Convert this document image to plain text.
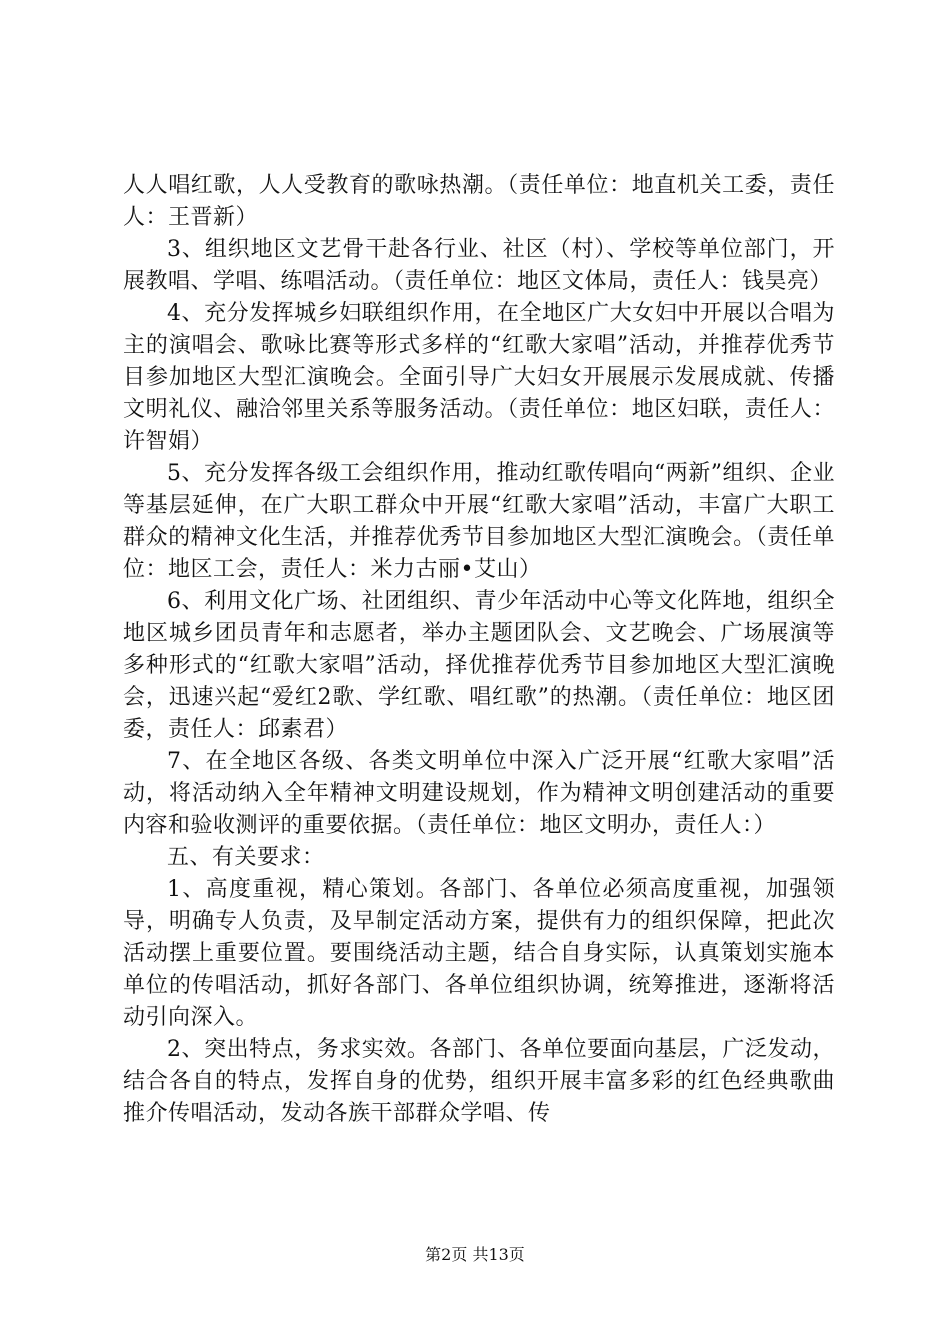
人人唱红歌，人人受教育的歌咏热潮。（责任单位：地直机关工委，责任人：王晋新）

3、组织地区文艺骨干赴各行业、社区（村）、学校等单位部门，开展教唱、学唱、练唱活动。（责任单位：地区文体局，责任人：钱昊亮）

4、充分发挥城乡妇联组织作用，在全地区广大女妇中开展以合唱为主的演唱会、歌咏比赛等形式多样的“红歌大家唱”活动，并推荐优秀节目参加地区大型汇演晚会。全面引导广大妇女开展展示发展成就、传播文明礼仪、融洽邻里关系等服务活动。（责任单位：地区妇联，责任人：许智娟）

5、充分发挥各级工会组织作用，推动红歌传唱向“两新”组织、企业等基层延伸，在广大职工群众中开展“红歌大家唱”活动，丰富广大职工群众的精神文化生活，并推荐优秀节目参加地区大型汇演晚会。（责任单位：地区工会，责任人：米力古丽•艾山）

6、利用文化广场、社团组织、青少年活动中心等文化阵地，组织全地区城乡团员青年和志愿者，举办主题团队会、文艺晚会、广场展演等多种形式的“红歌大家唱”活动，择优推荐优秀节目参加地区大型汇演晚会，迅速兴起“爱红2歌、学红歌、唱红歌”的热潮。（责任单位：地区团委，责任人：邱素君）

7、在全地区各级、各类文明单位中深入广泛开展“红歌大家唱”活动，将活动纳入全年精神文明建设规划，作为精神文明创建活动的重要内容和验收测评的重要依据。（责任单位：地区文明办，责任人：）

五、有关要求：

1、高度重视，精心策划。各部门、各单位必须高度重视，加强领导，明确专人负责，及早制定活动方案，提供有力的组织保障，把此次活动摆上重要位置。要围绕活动主题，结合自身实际，认真策划实施本单位的传唱活动，抓好各部门、各单位组织协调，统筹推进，逐渐将活动引向深入。

2、突出特点，务求实效。各部门、各单位要面向基层，广泛发动，结合各自的特点，发挥自身的优势，组织开展丰富多彩的红色经典歌曲推介传唱活动，发动各族干部群众学唱、传

第2页 共13页
